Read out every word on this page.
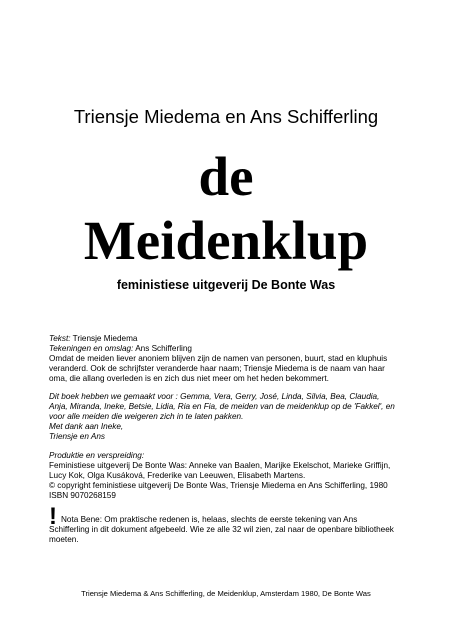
Triensje Miedema en Ans Schifferling
de
Meidenklup
feministiese uitgeverij De Bonte Was

Tekst: Triensje Miedema

Tekeningen en omslag: Ans Schifferling

Omdat de meiden liever anoniem blijven zijn de namen van personen, buurt, stad en kluphuis

veranderd. Ook de schrijfster veranderde haar naam; Triensje Miedema is de naam van haar

oma, die allang overleden is en zich dus niet meer om het heden bekommert.

Dit boek hebben we gemaakt voor : Gemma, Vera, Gerry, José, Linda, Silvia, Bea, Claudia,

Anja, Miranda, Ineke, Betsie, Lidia, Ria en Fia, de meiden van de meidenklup op de 'Fakkel', en

voor alle meiden die weigeren zich in te laten pakken.

Met dank aan Ineke,

Triensje en Ans

Produktie en verspreiding:

Feministiese uitgeverij De Bonte Was: Anneke van Baalen, Marijke Ekelschot, Marieke Griffijn,

Lucy Kok, Olga Kusáková, Frederike van Leeuwen, Elisabeth Martens.

© copyright feministiese uitgeverij De Bonte Was, Triensje Miedema en Ans Schifferling, 1980

ISBN 9070268159

! Nota Bene: Om praktische redenen is, helaas, slechts de eerste tekening van Ans

Schifferling in dit dokument afgebeeld. Wie ze alle 32 wil zien, zal naar de openbare bibliotheek

moeten.

Triensje Miedema & Ans Schifferling, de Meidenklup, Amsterdam 1980, De Bonte Was
